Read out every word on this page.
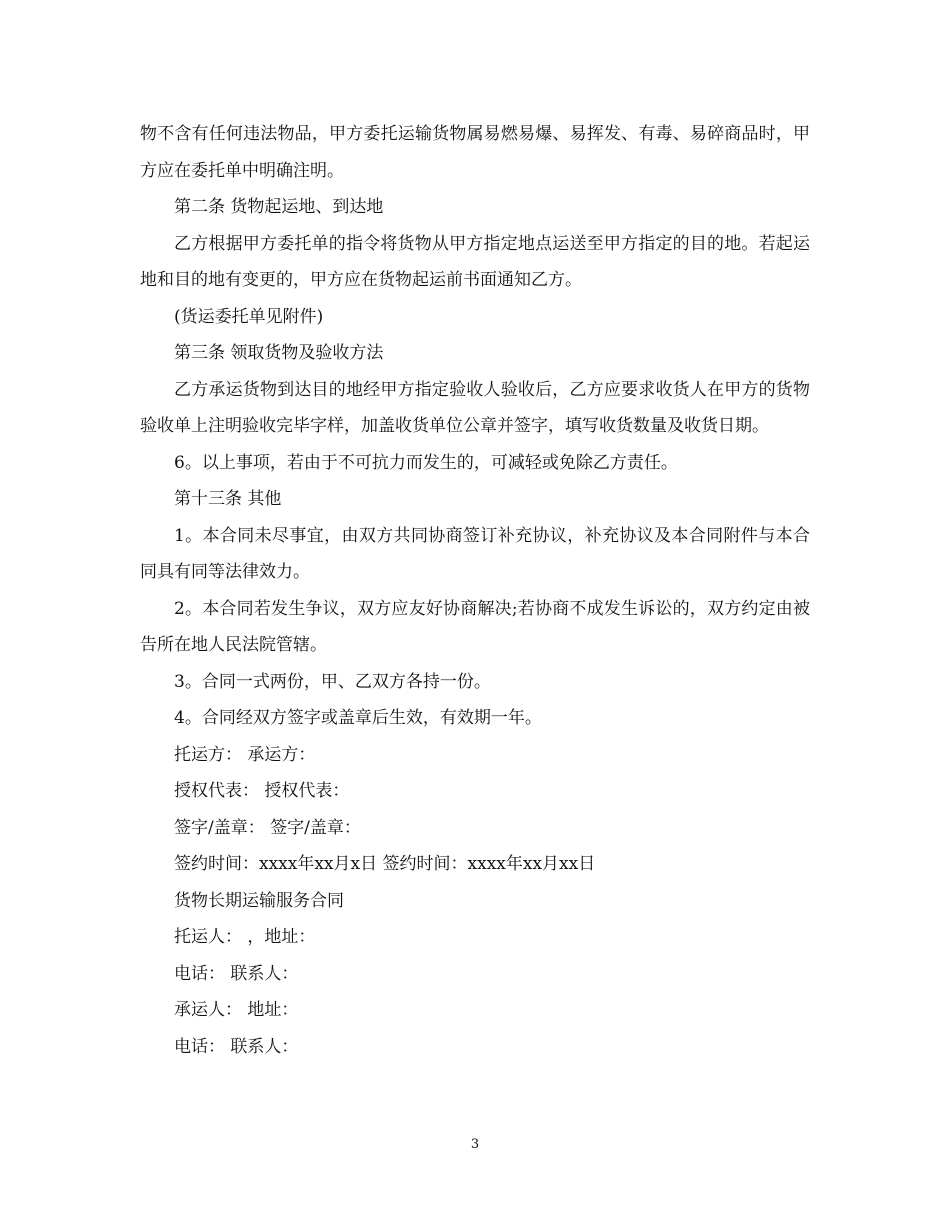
物不含有任何违法物品，甲方委托运输货物属易燃易爆、易挥发、有毒、易碎商品时，甲方应在委托单中明确注明。

第二条 货物起运地、到达地

乙方根据甲方委托单的指令将货物从甲方指定地点运送至甲方指定的目的地。若起运地和目的地有变更的，甲方应在货物起运前书面通知乙方。

(货运委托单见附件)

第三条 领取货物及验收方法

乙方承运货物到达目的地经甲方指定验收人验收后，乙方应要求收货人在甲方的货物验收单上注明验收完毕字样，加盖收货单位公章并签字，填写收货数量及收货日期。

6。以上事项，若由于不可抗力而发生的，可减轻或免除乙方责任。

第十三条 其他

1。本合同未尽事宜，由双方共同协商签订补充协议，补充协议及本合同附件与本合同具有同等法律效力。

2。本合同若发生争议，双方应友好协商解决;若协商不成发生诉讼的，双方约定由被告所在地人民法院管辖。

3。合同一式两份，甲、乙双方各持一份。

4。合同经双方签字或盖章后生效，有效期一年。

托运方： 承运方：

授权代表： 授权代表：

签字/盖章： 签字/盖章：

签约时间：xxxx年xx月x日 签约时间：xxxx年xx月xx日

货物长期运输服务合同

托运人： ，地址：

电话： 联系人：

承运人： 地址：

电话： 联系人：

3
